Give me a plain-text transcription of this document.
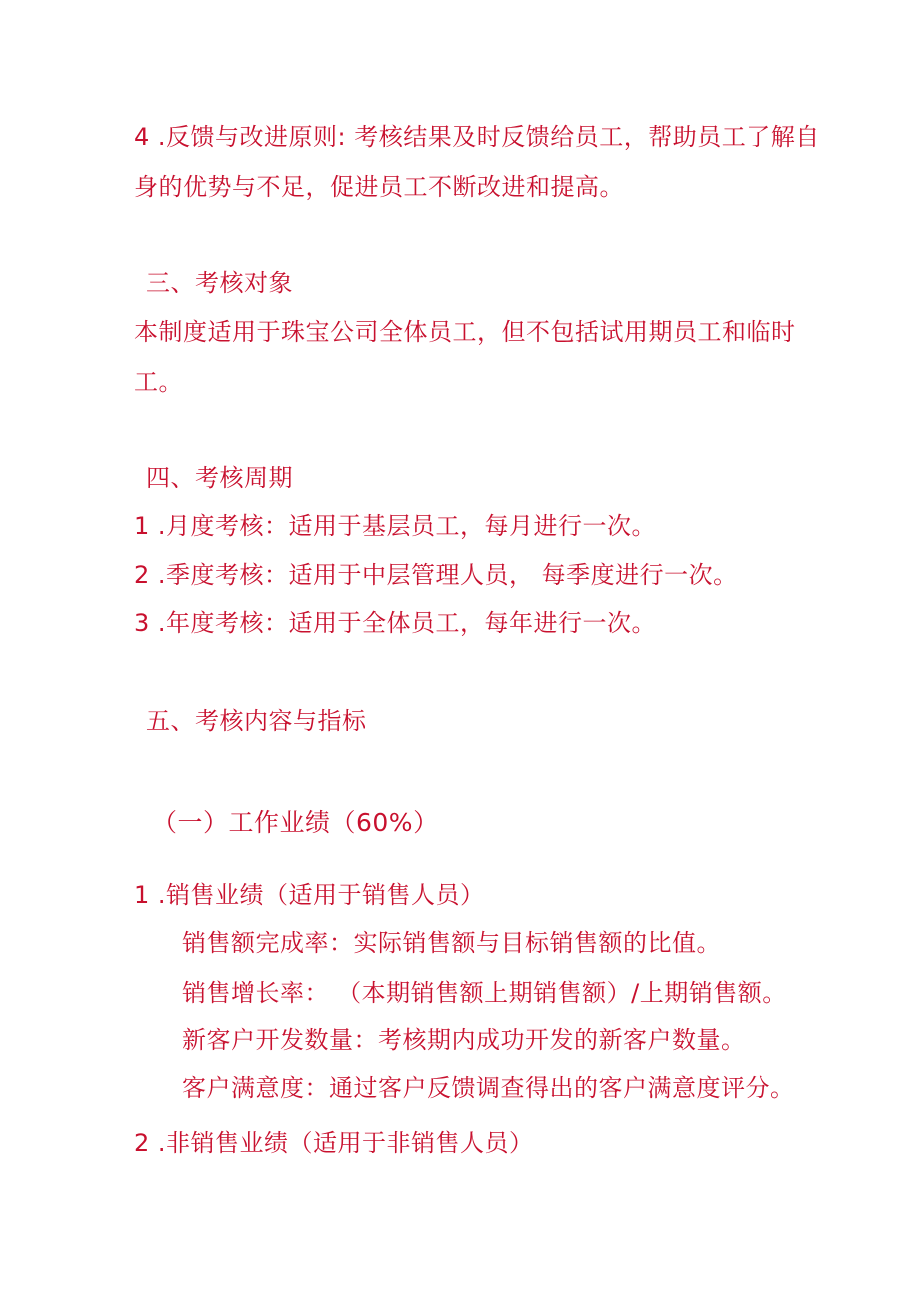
4 .反馈与改进原则: 考核结果及时反馈给员工，帮助员工了解自
身的优势与不足，促进员工不断改进和提高。
三、考核对象
本制度适用于珠宝公司全体员工，但不包括试用期员工和临时
工。
四、考核周期
1 .月度考核：适用于基层员工，每月进行一次。
2 .季度考核：适用于中层管理人员， 每季度进行一次。
3 .年度考核：适用于全体员工，每年进行一次。
五、考核内容与指标
（一）工作业绩（60%）
1 .销售业绩（适用于销售人员）
销售额完成率：实际销售额与目标销售额的比值。
销售增长率： （本期销售额上期销售额）/上期销售额。
新客户开发数量：考核期内成功开发的新客户数量。
客户满意度：通过客户反馈调查得出的客户满意度评分。
2 .非销售业绩（适用于非销售人员）
